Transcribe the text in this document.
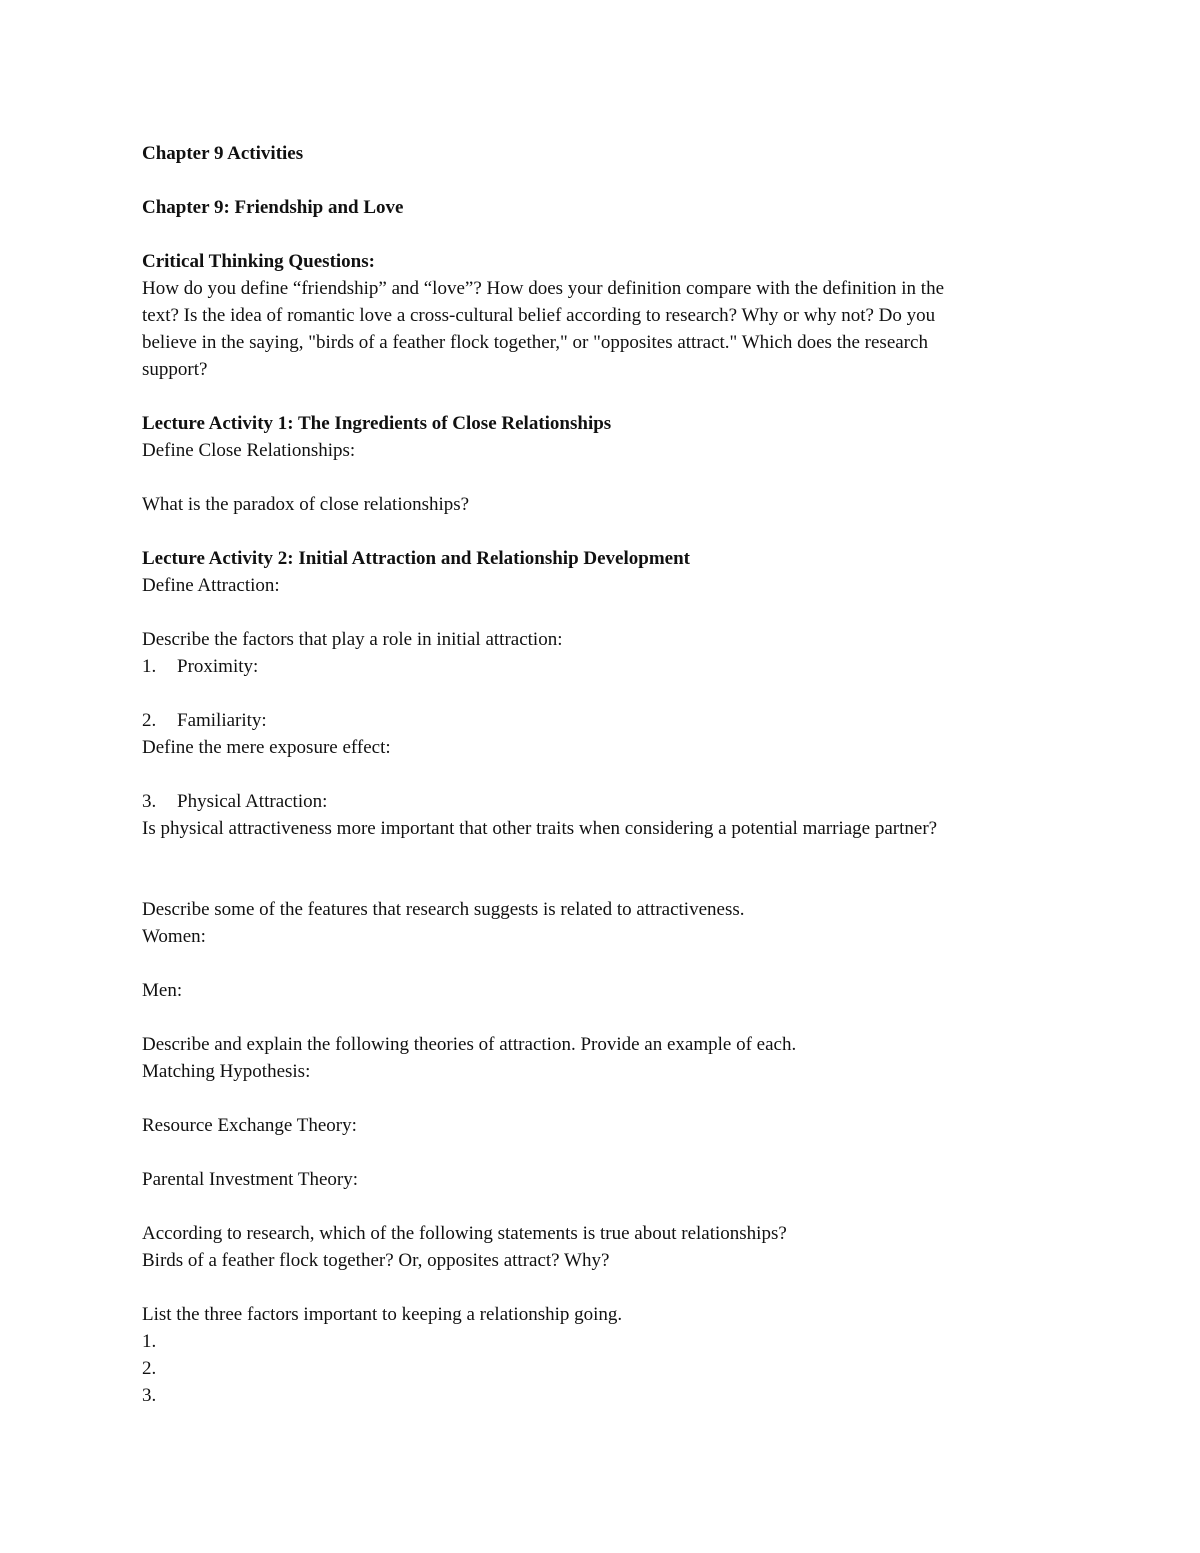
Chapter 9 Activities
Chapter 9: Friendship and Love
Critical Thinking Questions:
How do you define “friendship” and “love”? How does your definition compare with the definition in the
text? Is the idea of romantic love a cross-cultural belief according to research? Why or why not? Do you
believe in the saying, "birds of a feather flock together," or "opposites attract." Which does the research
support?
Lecture Activity 1: The Ingredients of Close Relationships
Define Close Relationships:
What is the paradox of close relationships?
Lecture Activity 2: Initial Attraction and Relationship Development
Define Attraction:
Describe the factors that play a role in initial attraction:
1. Proximity:
2. Familiarity:
Define the mere exposure effect:
3. Physical Attraction:
Is physical attractiveness more important that other traits when considering a potential marriage partner?
Describe some of the features that research suggests is related to attractiveness.
Women:
Men:
Describe and explain the following theories of attraction. Provide an example of each.
Matching Hypothesis:
Resource Exchange Theory:
Parental Investment Theory:
According to research, which of the following statements is true about relationships?
Birds of a feather flock together? Or, opposites attract? Why?
List the three factors important to keeping a relationship going.
1.
2.
3.
